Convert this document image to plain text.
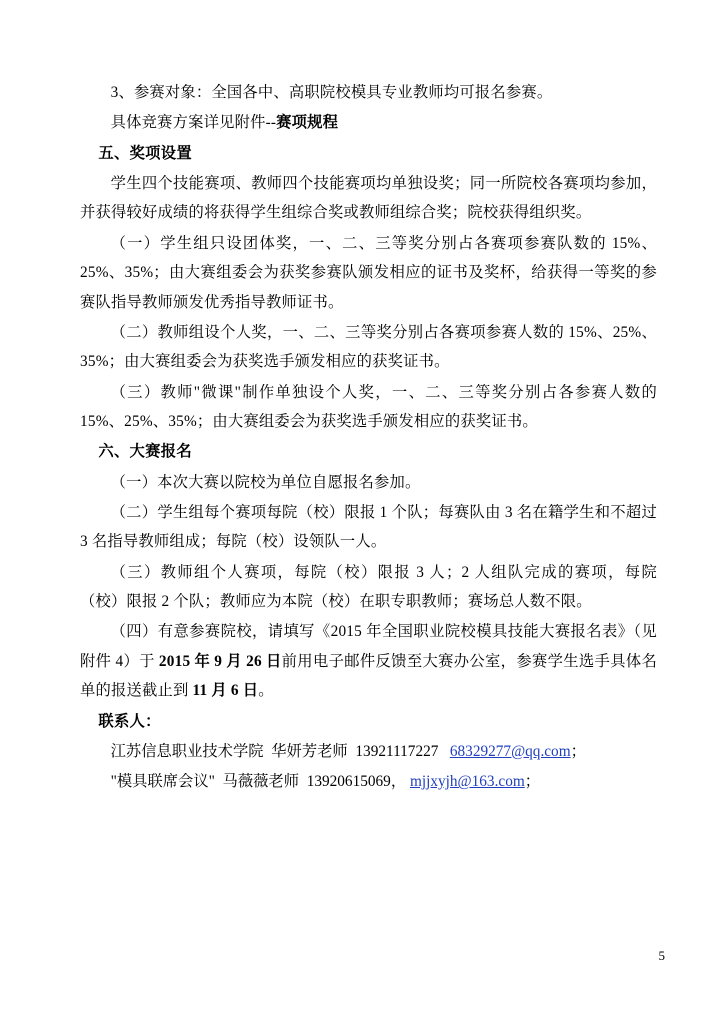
3、参赛对象：全国各中、高职院校模具专业教师均可报名参赛。

具体竞赛方案详见附件--赛项规程

五、奖项设置

学生四个技能赛项、教师四个技能赛项均单独设奖；同一所院校各赛项均参加，并获得较好成绩的将获得学生组综合奖或教师组综合奖；院校获得组织奖。

（一）学生组只设团体奖，一、二、三等奖分别占各赛项参赛队数的 15%、25%、35%；由大赛组委会为获奖参赛队颁发相应的证书及奖杯，给获得一等奖的参赛队指导教师颁发优秀指导教师证书。

（二）教师组设个人奖，一、二、三等奖分别占各赛项参赛人数的 15%、25%、35%；由大赛组委会为获奖选手颁发相应的获奖证书。

（三）教师"微课"制作单独设个人奖，一、二、三等奖分别占各参赛人数的 15%、25%、35%；由大赛组委会为获奖选手颁发相应的获奖证书。

六、大赛报名

（一）本次大赛以院校为单位自愿报名参加。

（二）学生组每个赛项每院（校）限报 1 个队；每赛队由 3 名在籍学生和不超过 3 名指导教师组成；每院（校）设领队一人。

（三）教师组个人赛项，每院（校）限报 3 人；2 人组队完成的赛项，每院（校）限报 2 个队；教师应为本院（校）在职专职教师；赛场总人数不限。

（四）有意参赛院校，请填写《2015 年全国职业院校模具技能大赛报名表》（见附件 4）于 2015 年 9 月 26 日前用电子邮件反馈至大赛办公室，参赛学生选手具体名单的报送截止到 11 月 6 日。

联系人：

江苏信息职业技术学院 华妍芳老师 13921117227 68329277@qq.com；

"模具联席会议" 马薇薇老师 13920615069， mjjxyjh@163.com；

5
